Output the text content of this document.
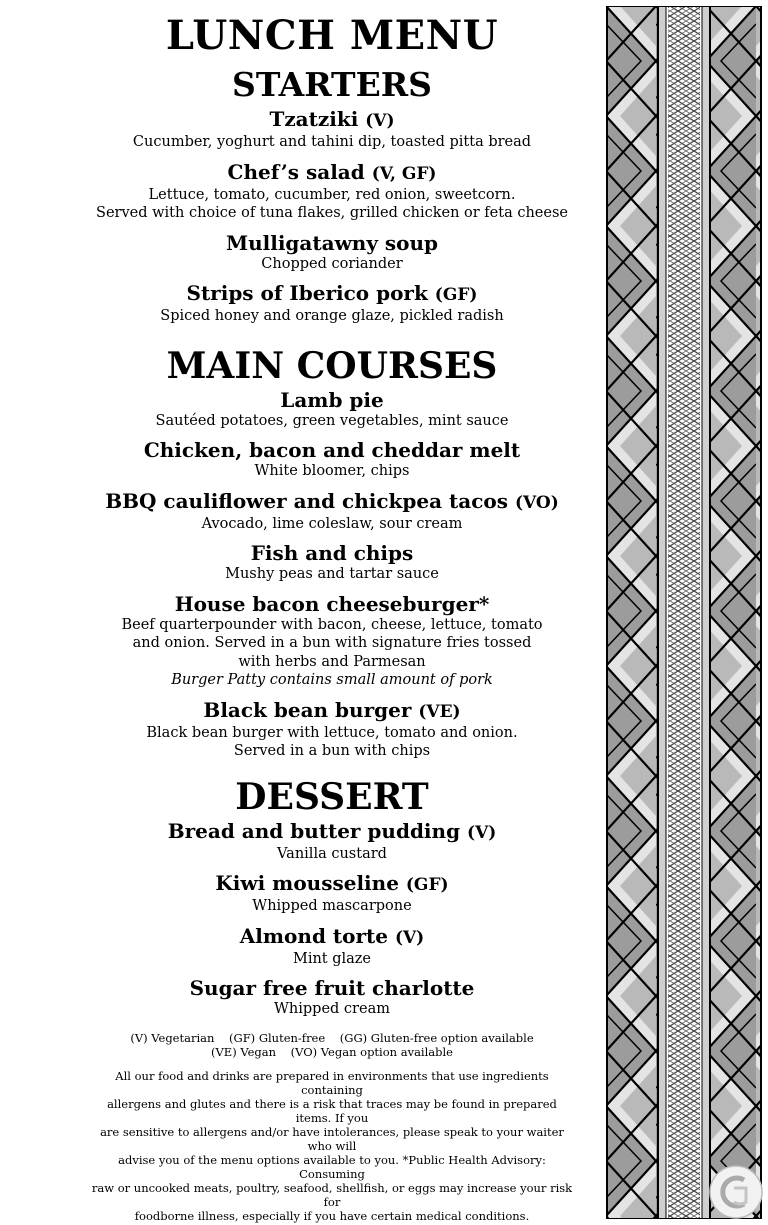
LUNCH MENU
STARTERS
Tzatziki (V)
Cucumber, yoghurt and tahini dip, toasted pitta bread
Chef’s salad (V, GF)
Lettuce, tomato, cucumber, red onion, sweetcorn.
Served with choice of tuna flakes, grilled chicken or feta cheese
Mulligatawny soup
Chopped coriander
Strips of Iberico pork (GF)
Spiced honey and orange glaze, pickled radish
MAIN COURSES
Lamb pie
Sautéed potatoes, green vegetables, mint sauce
Chicken, bacon and cheddar melt
White bloomer, chips
BBQ cauliflower and chickpea tacos (VO)
Avocado, lime coleslaw, sour cream
Fish and chips
Mushy peas and tartar sauce
House bacon cheeseburger*
Beef quarterpounder with bacon, cheese, lettuce, tomato
and onion. Served in a bun with signature fries tossed
with herbs and Parmesan
Burger Patty contains small amount of pork
Black bean burger (VE)
Black bean burger with lettuce, tomato and onion.
Served in a bun with chips
DESSERT
Bread and butter pudding (V)
Vanilla custard
Kiwi mousseline (GF)
Whipped mascarpone
Almond torte (V)
Mint glaze
Sugar free fruit charlotte
Whipped cream
(V) Vegetarian    (GF) Gluten-free    (GG) Gluten-free option available
(VE) Vegan    (VO) Vegan option available
All our food and drinks are prepared in environments that use ingredients containing
allergens and glutes and there is a risk that traces may be found in prepared items. If you
are sensitive to allergens and/or have intolerances, please speak to your waiter who will
advise you of the menu options available to you. *Public Health Advisory: Consuming
raw or uncooked meats, poultry, seafood, shellfish, or eggs may increase your risk for
foodborne illness, especially if you have certain medical conditions.
